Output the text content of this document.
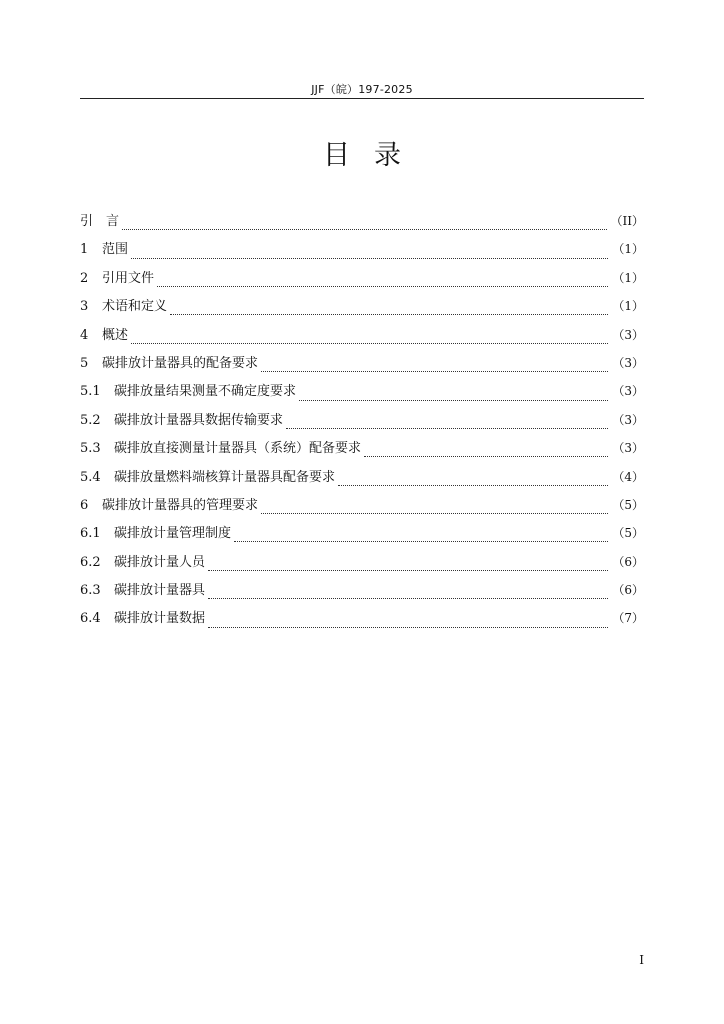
JJF（皖）197-2025
目录
引　言	（II）
1	范围	（1）
2	引用文件	（1）
3	术语和定义	（1）
4	概述	（3）
5	碳排放计量器具的配备要求	（3）
5.1	碳排放量结果测量不确定度要求	（3）
5.2	碳排放计量器具数据传输要求	（3）
5.3	碳排放直接测量计量器具（系统）配备要求	（3）
5.4	碳排放量燃料端核算计量器具配备要求	（4）
6	碳排放计量器具的管理要求	（5）
6.1	碳排放计量管理制度	（5）
6.2	碳排放计量人员	（6）
6.3	碳排放计量器具	（6）
6.4	碳排放计量数据	（7）
I
